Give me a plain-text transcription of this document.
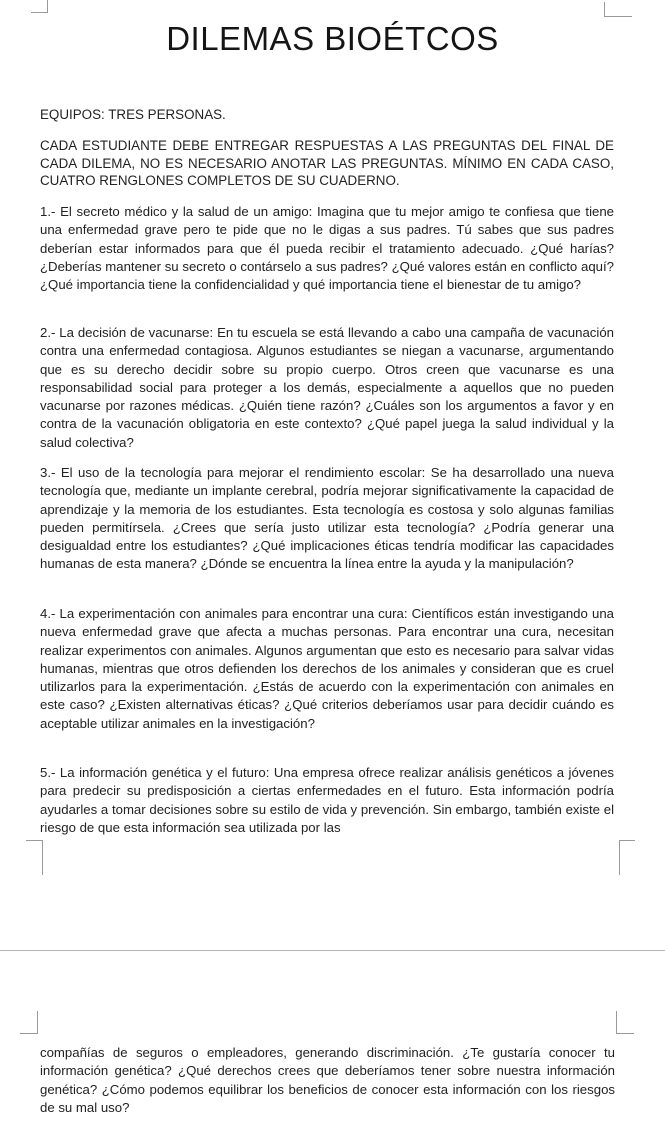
DILEMAS BIOÉTCOS

EQUIPOS: TRES PERSONAS.

CADA ESTUDIANTE DEBE ENTREGAR RESPUESTAS A LAS PREGUNTAS DEL FINAL DE CADA DILEMA, NO ES NECESARIO ANOTAR LAS PREGUNTAS. MÍNIMO EN CADA CASO, CUATRO RENGLONES COMPLETOS DE SU CUADERNO.

1.- El secreto médico y la salud de un amigo: Imagina que tu mejor amigo te confiesa que tiene una enfermedad grave pero te pide que no le digas a sus padres. Tú sabes que sus padres deberían estar informados para que él pueda recibir el tratamiento adecuado. ¿Qué harías? ¿Deberías mantener su secreto o contárselo a sus padres? ¿Qué valores están en conflicto aquí? ¿Qué importancia tiene la confidencialidad y qué importancia tiene el bienestar de tu amigo?

2.- La decisión de vacunarse: En tu escuela se está llevando a cabo una campaña de vacunación contra una enfermedad contagiosa. Algunos estudiantes se niegan a vacunarse, argumentando que es su derecho decidir sobre su propio cuerpo. Otros creen que vacunarse es una responsabilidad social para proteger a los demás, especialmente a aquellos que no pueden vacunarse por razones médicas. ¿Quién tiene razón? ¿Cuáles son los argumentos a favor y en contra de la vacunación obligatoria en este contexto? ¿Qué papel juega la salud individual y la salud colectiva?

3.- El uso de la tecnología para mejorar el rendimiento escolar: Se ha desarrollado una nueva tecnología que, mediante un implante cerebral, podría mejorar significativamente la capacidad de aprendizaje y la memoria de los estudiantes. Esta tecnología es costosa y solo algunas familias pueden permitírsela. ¿Crees que sería justo utilizar esta tecnología? ¿Podría generar una desigualdad entre los estudiantes? ¿Qué implicaciones éticas tendría modificar las capacidades humanas de esta manera? ¿Dónde se encuentra la línea entre la ayuda y la manipulación?

4.- La experimentación con animales para encontrar una cura: Científicos están investigando una nueva enfermedad grave que afecta a muchas personas. Para encontrar una cura, necesitan realizar experimentos con animales. Algunos argumentan que esto es necesario para salvar vidas humanas, mientras que otros defienden los derechos de los animales y consideran que es cruel utilizarlos para la experimentación. ¿Estás de acuerdo con la experimentación con animales en este caso? ¿Existen alternativas éticas? ¿Qué criterios deberíamos usar para decidir cuándo es aceptable utilizar animales en la investigación?

5.- La información genética y el futuro: Una empresa ofrece realizar análisis genéticos a jóvenes para predecir su predisposición a ciertas enfermedades en el futuro. Esta información podría ayudarles a tomar decisiones sobre su estilo de vida y prevención. Sin embargo, también existe el riesgo de que esta información sea utilizada por las

compañías de seguros o empleadores, generando discriminación. ¿Te gustaría conocer tu información genética? ¿Qué derechos crees que deberíamos tener sobre nuestra información genética? ¿Cómo podemos equilibrar los beneficios de conocer esta información con los riesgos de su mal uso?
